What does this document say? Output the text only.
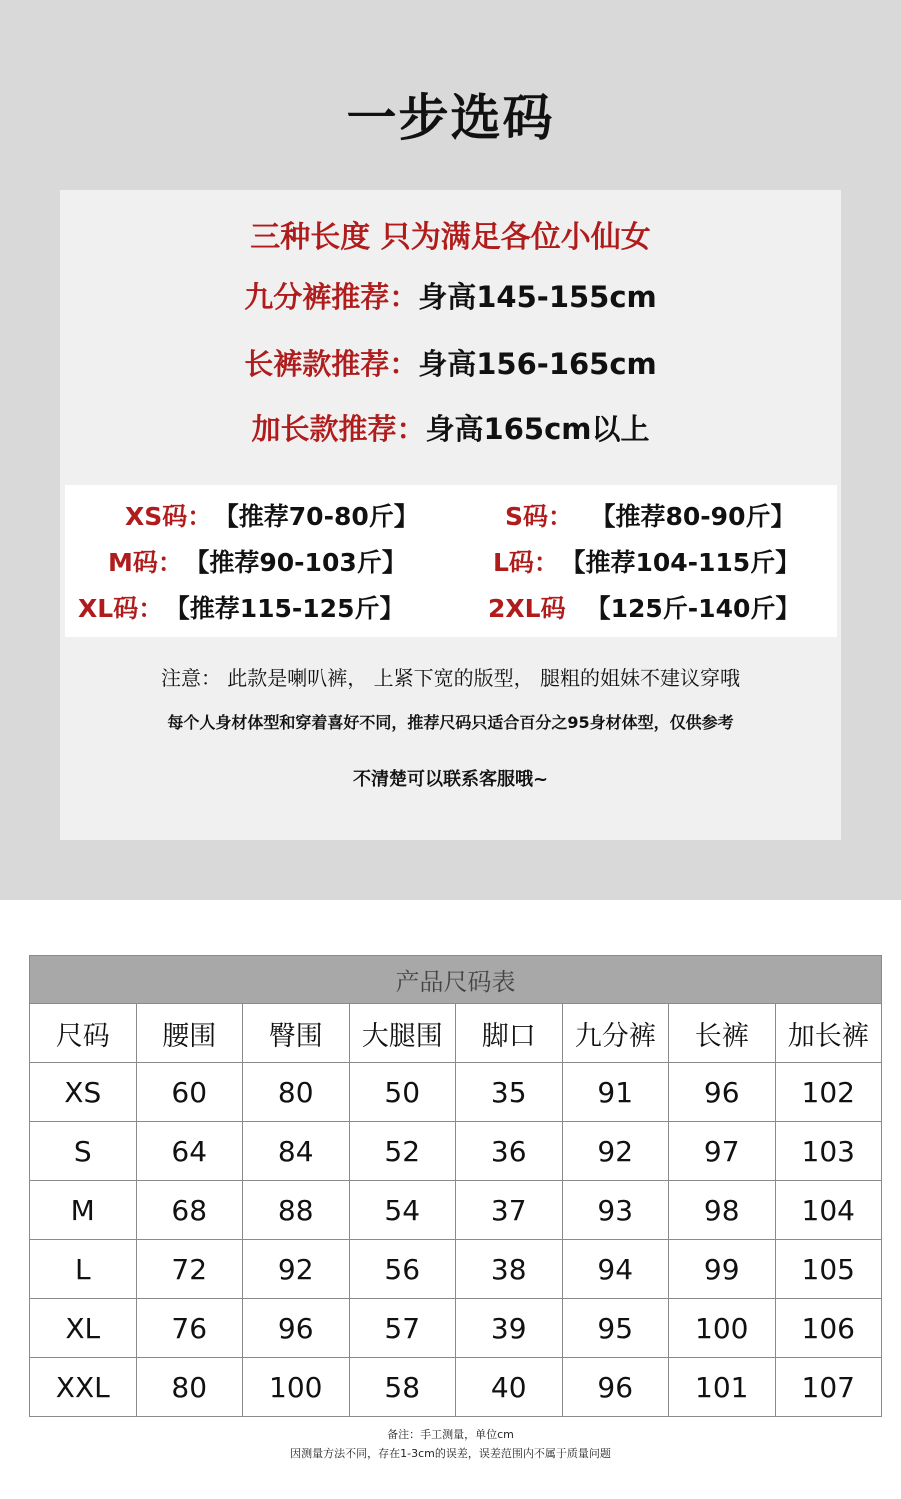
一步选码
三种长度 只为满足各位小仙女
九分裤推荐：身高145-155cm
长裤款推荐：身高156-165cm
加长款推荐：身高165cm以上
XS码： 【推荐70-80斤】	S码： 【推荐80-90斤】
M码： 【推荐90-103斤】	L码： 【推荐104-115斤】
XL码： 【推荐115-125斤】	2XL码 【125斤-140斤】
注意： 此款是喇叭裤， 上紧下宽的版型， 腿粗的姐妹不建议穿哦
每个人身材体型和穿着喜好不同，推荐尺码只适合百分之95身材体型，仅供参考
不清楚可以联系客服哦~
产品尺码表							
尺码	腰围	臀围	大腿围	脚口	九分裤	长裤	加长裤
XS	60	80	50	35	91	96	102
S	64	84	52	36	92	97	103
M	68	88	54	37	93	98	104
L	72	92	56	38	94	99	105
XL	76	96	57	39	95	100	106
XXL	80	100	58	40	96	101	107
备注：手工测量，单位cm
因测量方法不同，存在1-3cm的误差，误差范围内不属于质量问题
